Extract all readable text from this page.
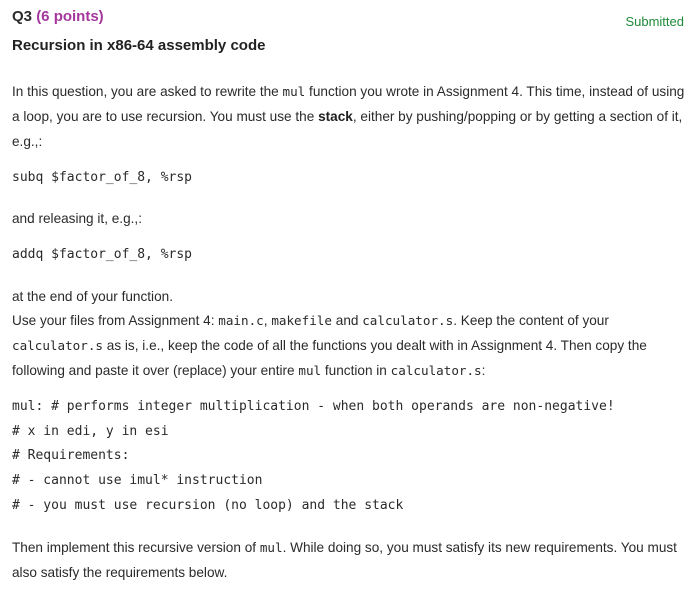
Q3 (6 points)	Submitted
Recursion in x86-64 assembly code
In this question, you are asked to rewrite the mul function you wrote in Assignment 4. This time, instead of using a loop, you are to use recursion. You must use the stack, either by pushing/popping or by getting a section of it, e.g.,:
subq $factor_of_8, %rsp
and releasing it, e.g.,:
addq $factor_of_8, %rsp
at the end of your function.
Use your files from Assignment 4: main.c, makefile and calculator.s. Keep the content of your calculator.s as is, i.e., keep the code of all the functions you dealt with in Assignment 4. Then copy the following and paste it over (replace) your entire mul function in calculator.s:
mul: # performs integer multiplication - when both operands are non-negative!
# x in edi, y in esi
# Requirements:
# - cannot use imul* instruction
# - you must use recursion (no loop) and the stack
Then implement this recursive version of mul. While doing so, you must satisfy its new requirements. You must also satisfy the requirements below.
